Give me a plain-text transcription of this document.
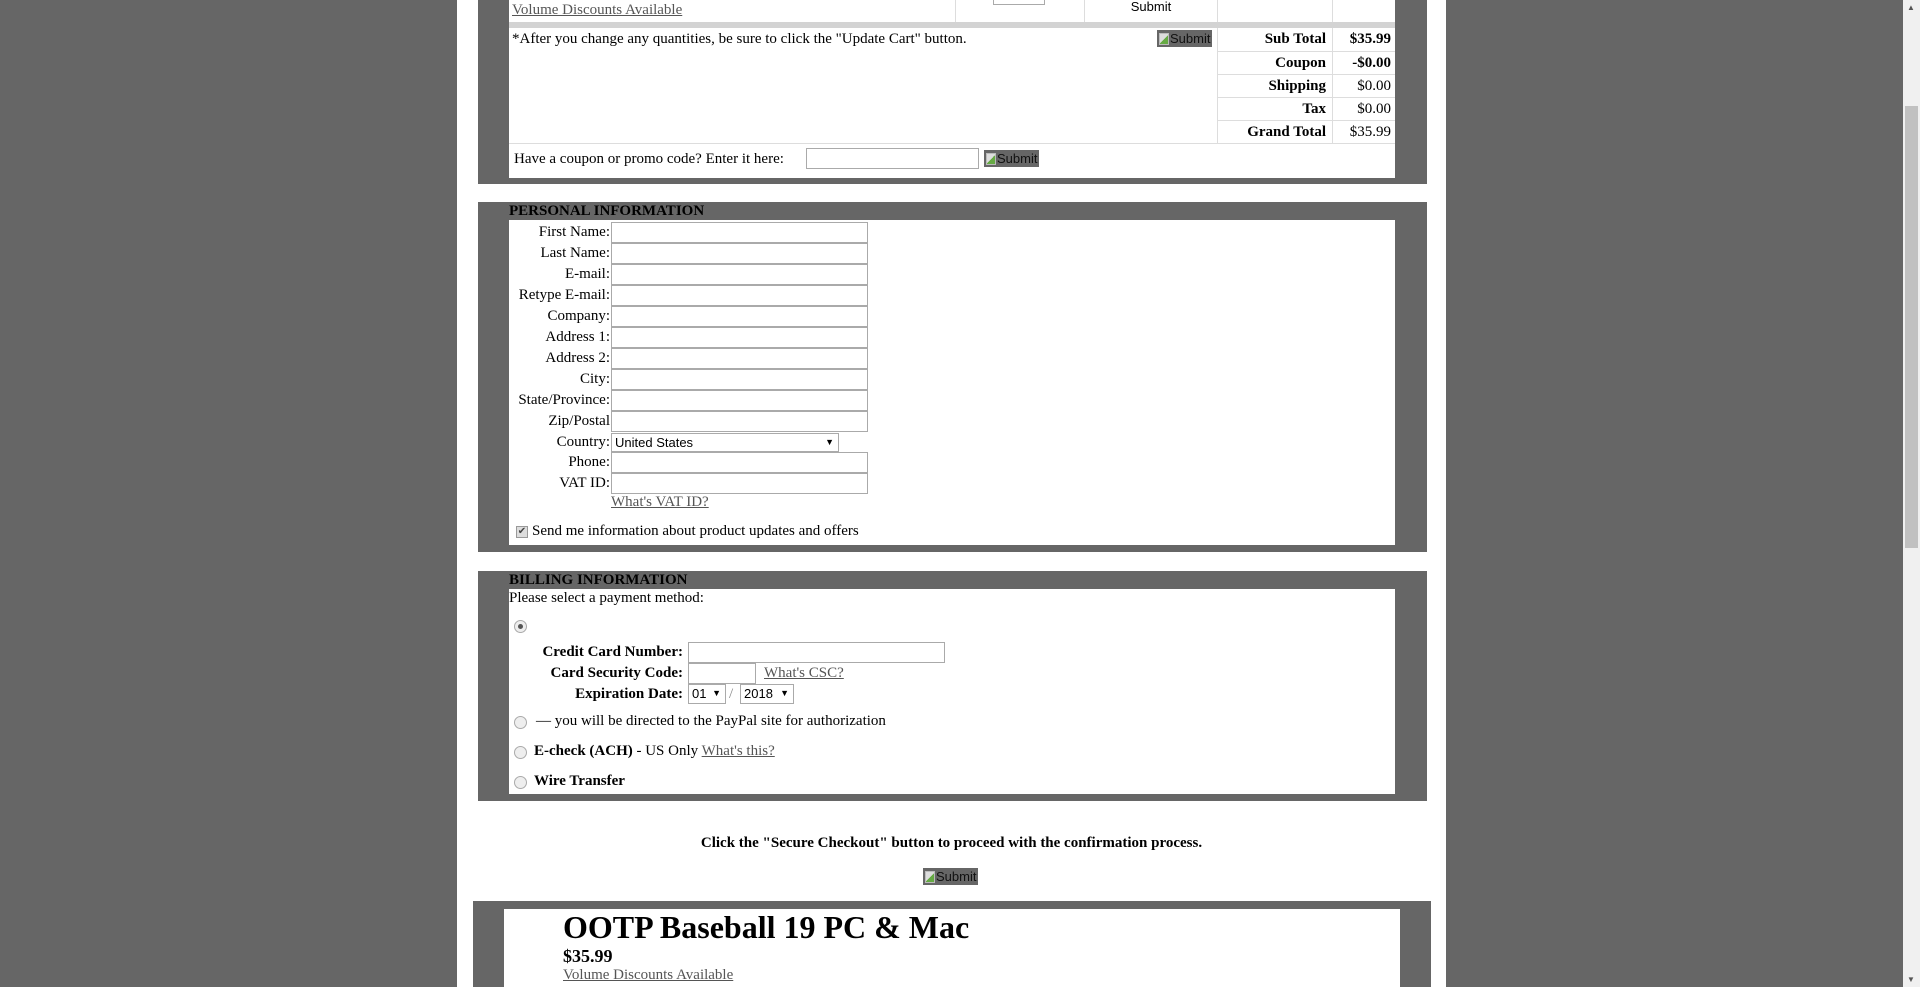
Volume Discounts Available	Submit
*After you change any quantities, be sure to click the "Update Cart" button.	Submit	Sub Total	$35.99
Coupon	-$0.00
Shipping	$0.00
Tax	$0.00
Grand Total	$35.99
Have a coupon or promo code? Enter it here:	Submit
PERSONAL INFORMATION
First Name:
Last Name:
E-mail:
Retype E-mail:
Company:
Address 1:
Address 2:
City:
State/Province:
Zip/Postal
Country: United States	▼
Phone:
VAT ID:
What's VAT ID?
✔ Send me information about product updates and offers
BILLING INFORMATION
Please select a payment method:
Credit Card Number:
Card Security Code:	What's CSC?
Expiration Date: 01 ▼ / 2018 ▼
— you will be directed to the PayPal site for authorization
E-check (ACH) - US Only What's this?
Wire Transfer
Click the "Secure Checkout" button to proceed with the confirmation process.
Submit
OOTP Baseball 19 PC & Mac
$35.99
Volume Discounts Available
▲
▼
